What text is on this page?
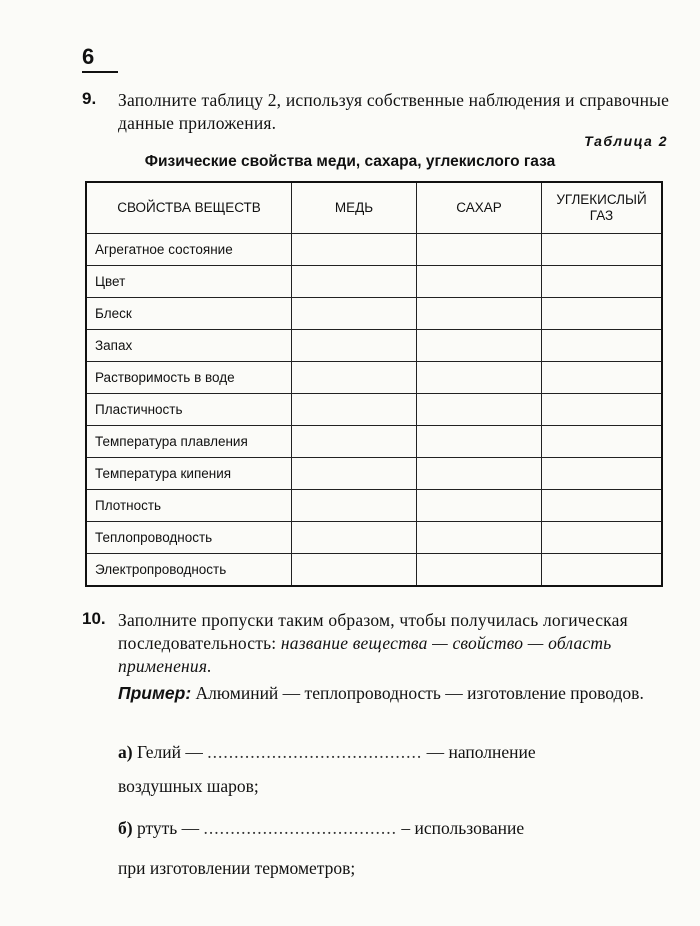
6
9. Заполните таблицу 2, используя собственные наблюдения и справочные данные приложения.
Таблица 2
Физические свойства меди, сахара, углекислого газа
СВОЙСТВА ВЕЩЕСТВ	МЕДЬ	САХАР	УГЛЕКИСЛЫЙ ГАЗ
Агрегатное состояние			
Цвет			
Блеск			
Запах			
Растворимость в воде			
Пластичность			
Температура плавления			
Температура кипения			
Плотность			
Теплопроводность			
Электропроводность			
10. Заполните пропуски таким образом, чтобы получилась логическая последовательность: название вещества — свойство — область применения.
Пример: Алюминий — теплопроводность — изготовление проводов.
а) Гелий — ........................................ — наполнение
воздушных шаров;
б) ртуть — .................................... – использование
при изготовлении термометров;
